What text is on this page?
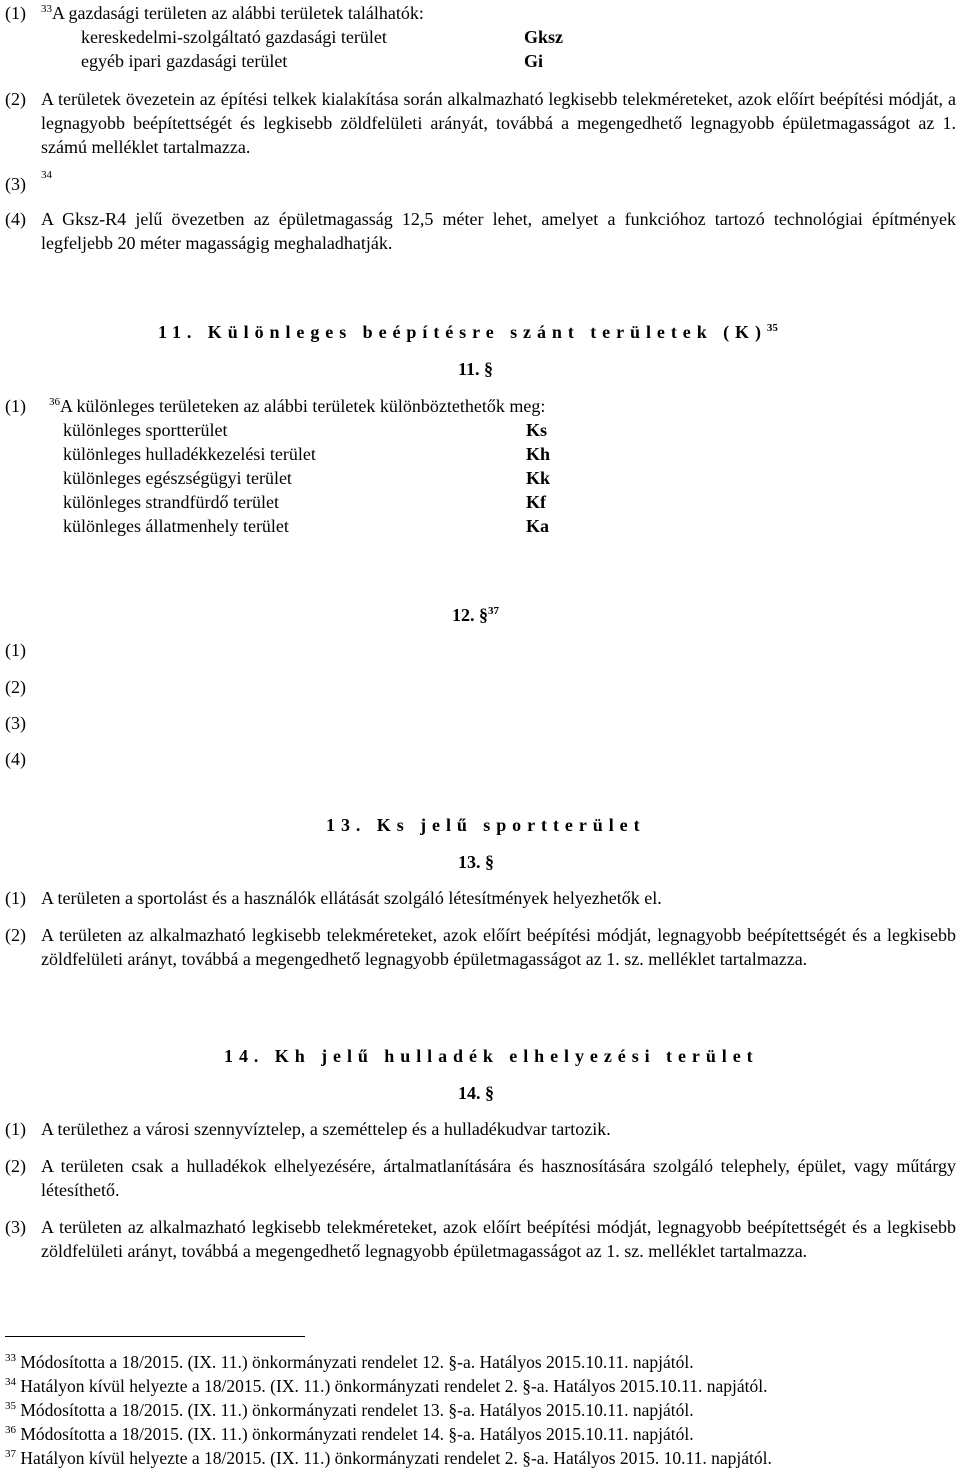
(1) $^{33}$A gazdasági területen az alábbi területek találhatók:
kereskedelmi-szolgáltató gazdasági terület	Gksz
egyéb ipari gazdasági terület	Gi
(2) A területek övezetein az építési telkek kialakítása során alkalmazható legkisebb telekméreteket, azok előírt beépítési módját, a legnagyobb beépítettségét és legkisebb zöldfelületi arányát, továbbá a megengedhető legnagyobb épületmagasságot az 1. számú melléklet tartalmazza.
(3) $^{34}$
(4) A Gksz-R4 jelű övezetben az épületmagasság 12,5 méter lehet, amelyet a funkcióhoz tartozó technológiai építmények legfeljebb 20 méter magasságig meghaladhatják.
11. Különleges beépítésre szánt területek $(K)^{35}$
11. §
(1) $^{36}$A különleges területeken az alábbi területek különböztethetők meg:
különleges sportterület	Ks
különleges hulladékkezelési terület	Kh
különleges egészségügyi terület	Kk
különleges strandfürdő terület	Kf
különleges állatmenhely terület	Ka
12. §$^{37}$
(1)
(2)
(3)
(4)
13. Ks jelű sportterület
13. §
(1) A területen a sportolást és a használók ellátását szolgáló létesítmények helyezhetők el.
(2) A területen az alkalmazható legkisebb telekméreteket, azok előírt beépítési módját, legnagyobb beépítettségét és a legkisebb zöldfelületi arányt, továbbá a megengedhető legnagyobb épületmagasságot az 1. sz. melléklet tartalmazza.
14. Kh jelű hulladék elhelyezési terület
14. §
(1) A területhez a városi szennyvíztelep, a szeméttelep és a hulladékudvar tartozik.
(2) A területen csak a hulladékok elhelyezésére, ártalmatlanítására és hasznosítására szolgáló telephely, épület, vagy műtárgy létesíthető.
(3) A területen az alkalmazható legkisebb telekméreteket, azok előírt beépítési módját, legnagyobb beépítettségét és a legkisebb zöldfelületi arányt, továbbá a megengedhető legnagyobb épületmagasságot az 1. sz. melléklet tartalmazza.
$^{33}$ Módosította a 18/2015. (IX. 11.) önkormányzati rendelet 12. §-a. Hatályos 2015.10.11. napjától.
$^{34}$ Hatályon kívül helyezte a 18/2015. (IX. 11.) önkormányzati rendelet 2. §-a. Hatályos 2015.10.11. napjától.
$^{35}$ Módosította a 18/2015. (IX. 11.) önkormányzati rendelet 13. §-a. Hatályos 2015.10.11. napjától.
$^{36}$ Módosította a 18/2015. (IX. 11.) önkormányzati rendelet 14. §-a. Hatályos 2015.10.11. napjától.
$^{37}$ Hatályon kívül helyezte a 18/2015. (IX. 11.) önkormányzati rendelet 2. §-a. Hatályos 2015. 10.11. napjától.
